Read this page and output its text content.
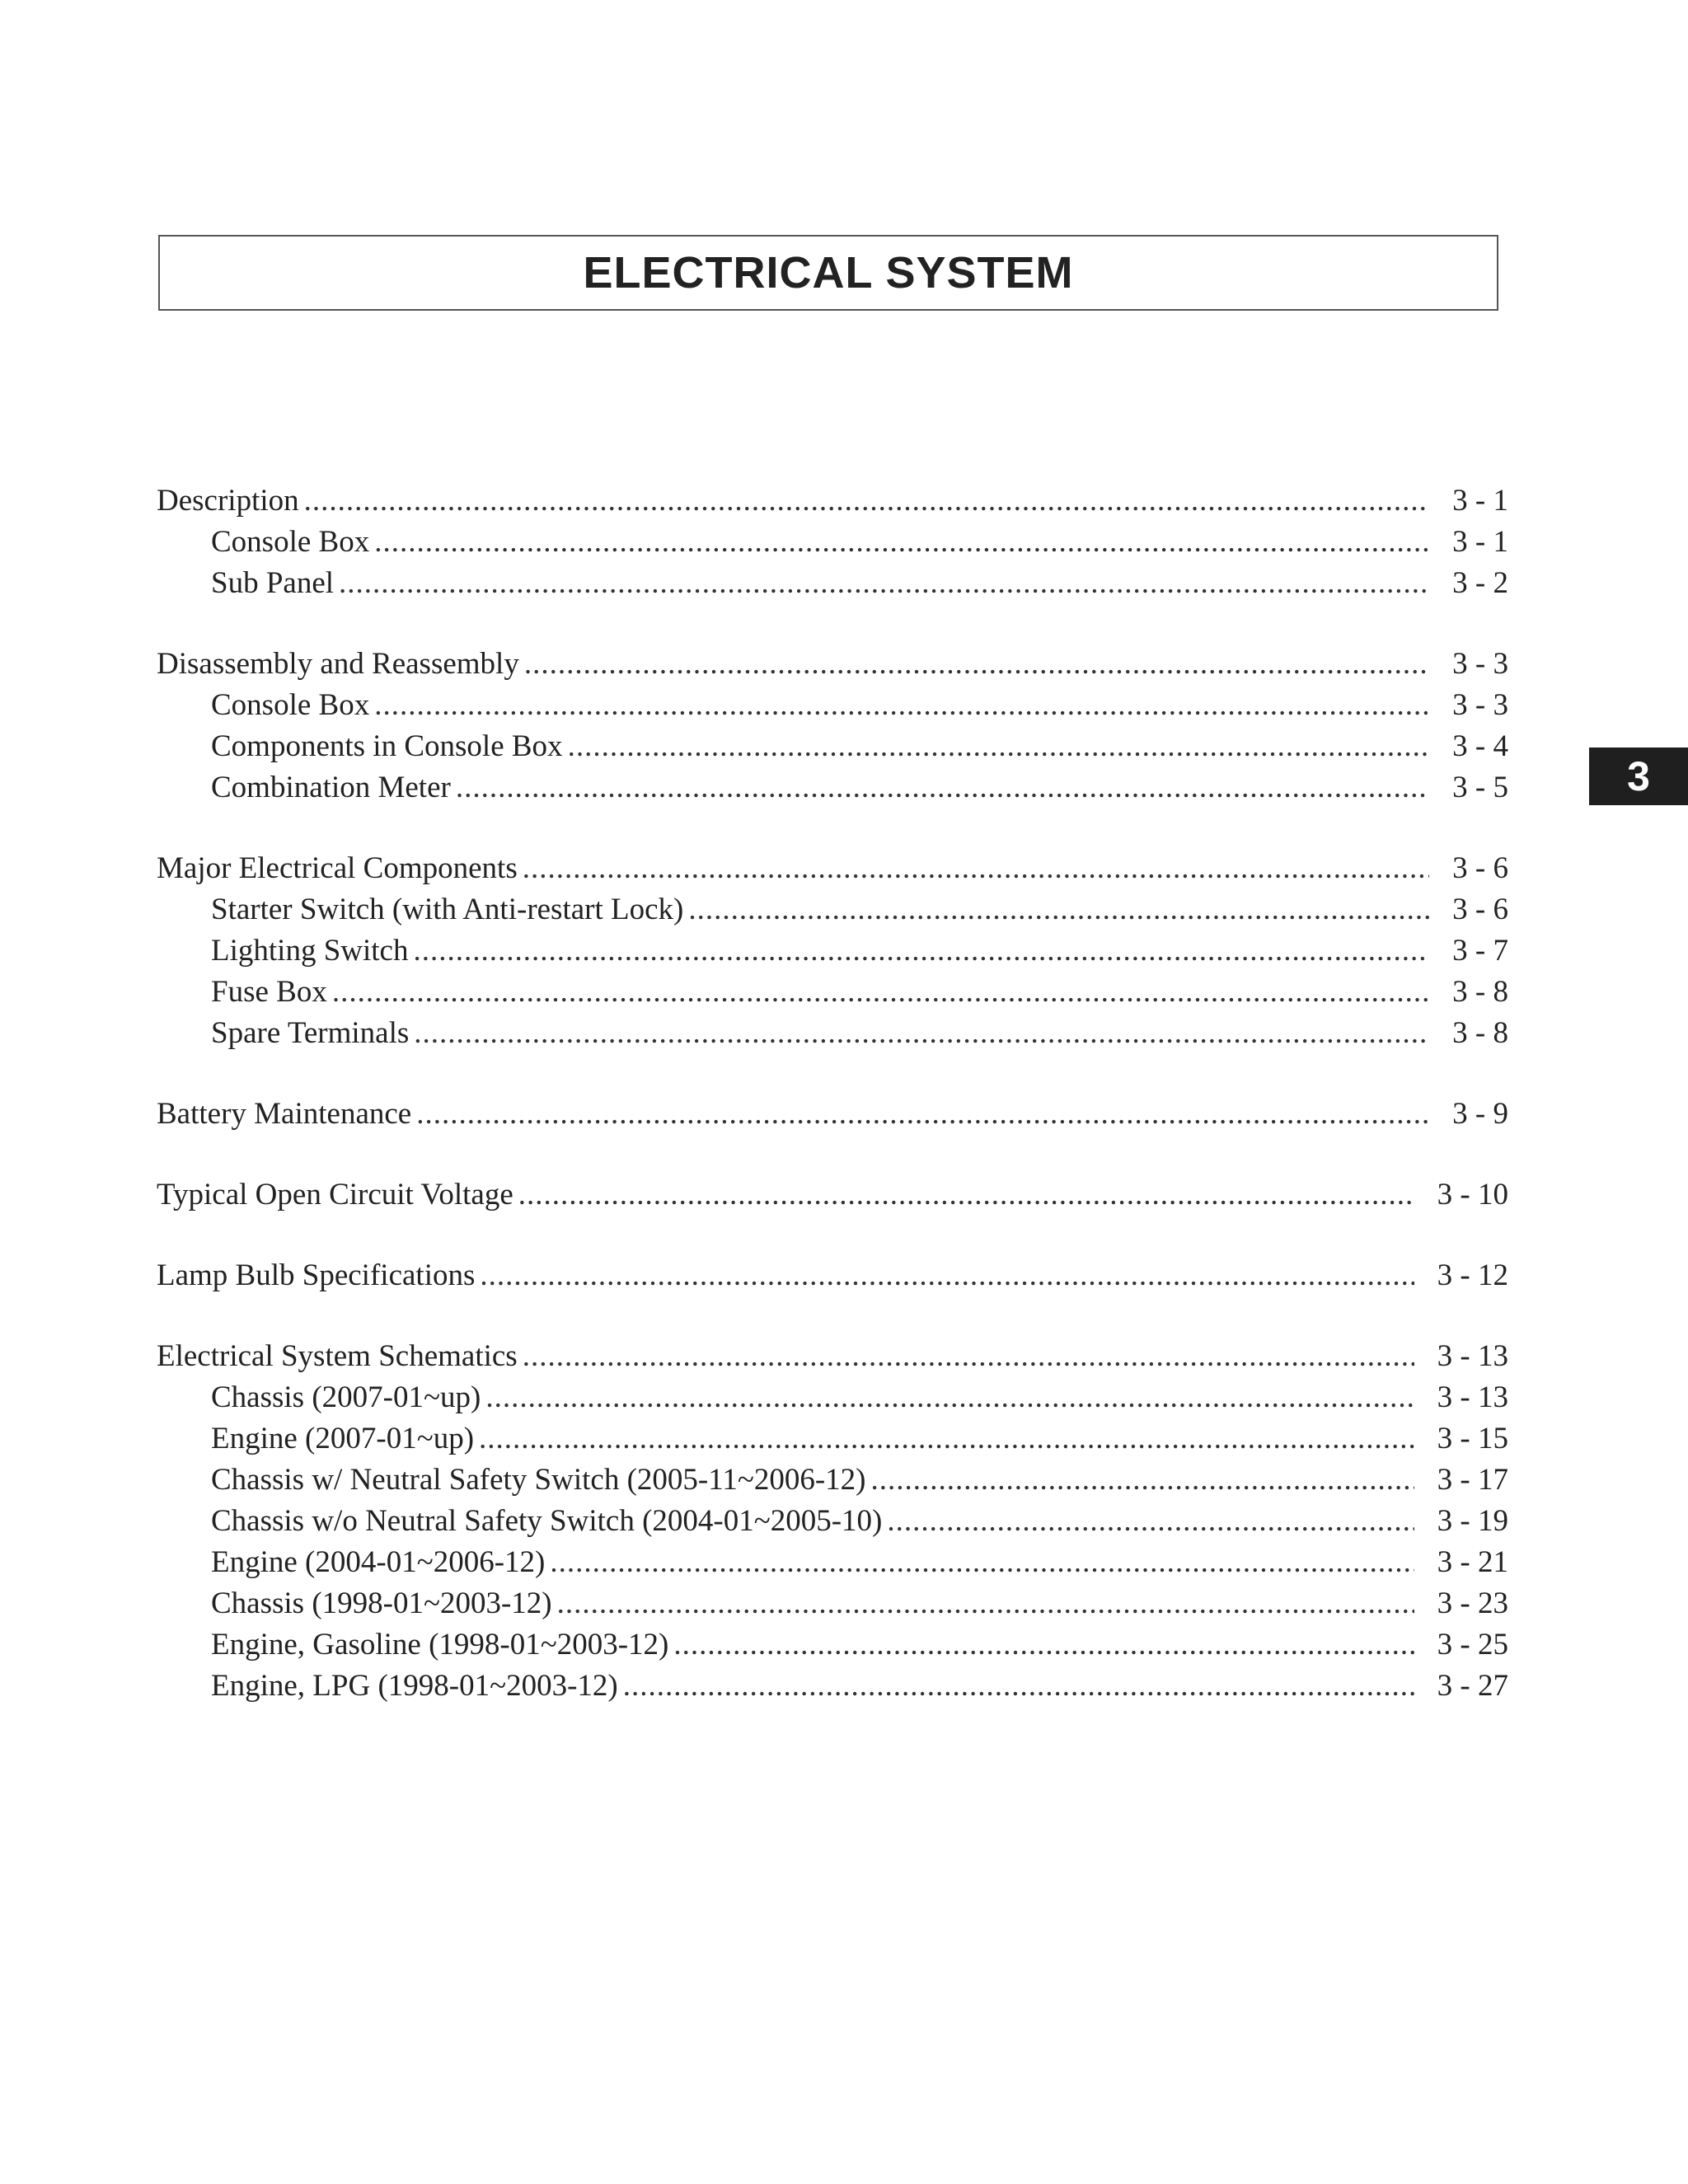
ELECTRICAL SYSTEM
Description .....	3 - 1
Console Box .....	3 - 1
Sub Panel .....	3 - 2
Disassembly and Reassembly .....	3 - 3
Console Box .....	3 - 3
Components in Console Box .....	3 - 4
Combination Meter .....	3 - 5
Major Electrical Components .....	3 - 6
Starter Switch (with Anti-restart Lock) .....	3 - 6
Lighting Switch .....	3 - 7
Fuse Box .....	3 - 8
Spare Terminals .....	3 - 8
Battery Maintenance .....	3 - 9
Typical Open Circuit Voltage .....	3 - 10
Lamp Bulb Specifications .....	3 - 12
Electrical System Schematics .....	3 - 13
Chassis (2007-01~up) .....	3 - 13
Engine (2007-01~up) .....	3 - 15
Chassis w/ Neutral Safety Switch (2005-11~2006-12) .....	3 - 17
Chassis w/o Neutral Safety Switch (2004-01~2005-10) .....	3 - 19
Engine (2004-01~2006-12) .....	3 - 21
Chassis (1998-01~2003-12) .....	3 - 23
Engine, Gasoline (1998-01~2003-12) .....	3 - 25
Engine, LPG (1998-01~2003-12) .....	3 - 27
3
